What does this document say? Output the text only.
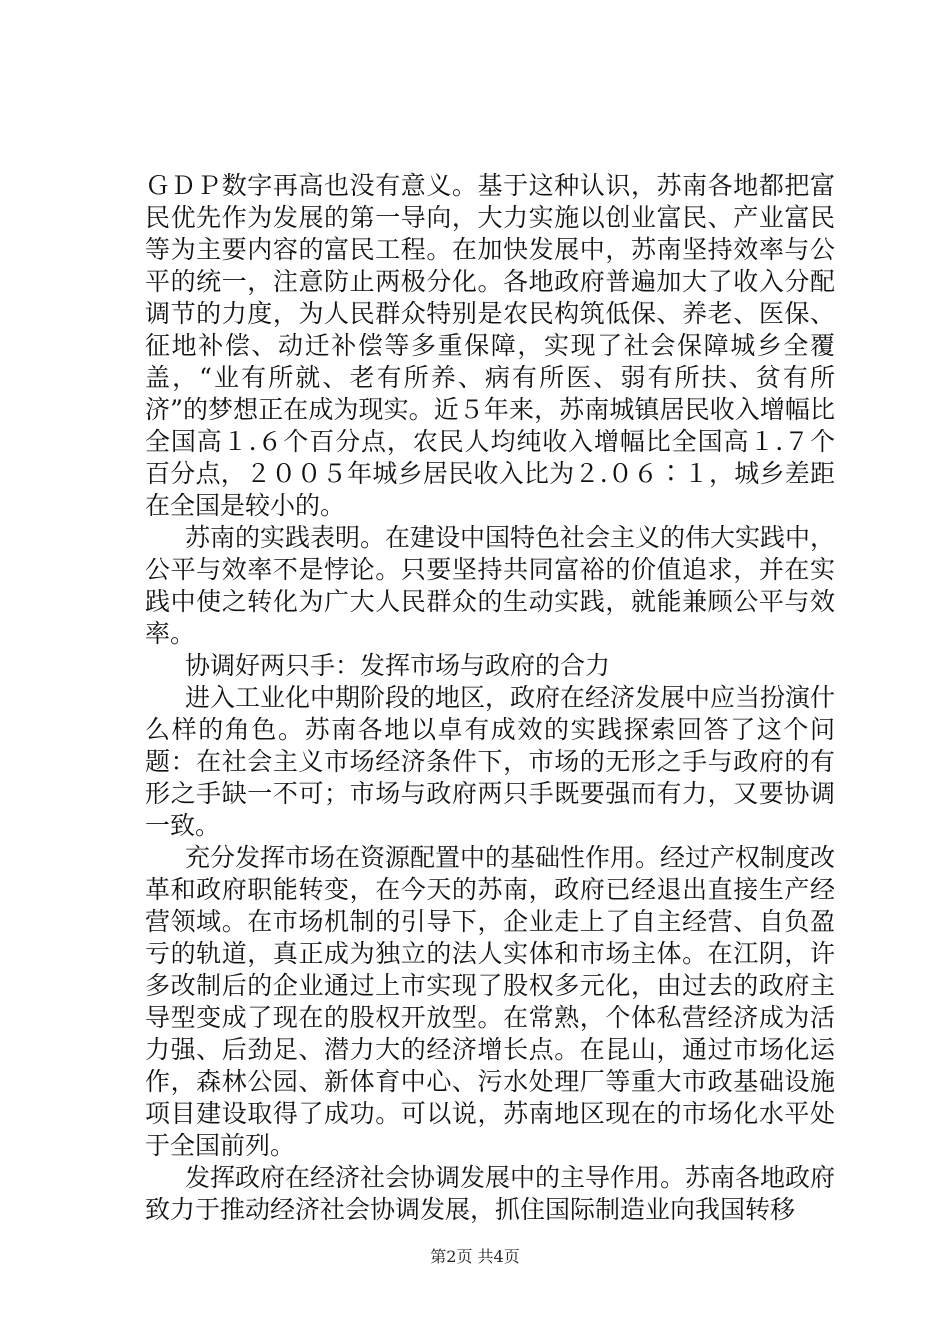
ＧＤＰ数字再高也没有意义。基于这种认识，苏南各地都把富民优先作为发展的第一导向，大力实施以创业富民、产业富民等为主要内容的富民工程。在加快发展中，苏南坚持效率与公平的统一，注意防止两极分化。各地政府普遍加大了收入分配调节的力度，为人民群众特别是农民构筑低保、养老、医保、征地补偿、动迁补偿等多重保障，实现了社会保障城乡全覆盖，“业有所就、老有所养、病有所医、弱有所扶、贫有所济”的梦想正在成为现实。近５年来，苏南城镇居民收入增幅比全国高１.６个百分点，农民人均纯收入增幅比全国高１.７个百分点，２００５年城乡居民收入比为２.０６∶１，城乡差距在全国是较小的。

苏南的实践表明。在建设中国特色社会主义的伟大实践中，公平与效率不是悖论。只要坚持共同富裕的价值追求，并在实践中使之转化为广大人民群众的生动实践，就能兼顾公平与效率。

协调好两只手：发挥市场与政府的合力

进入工业化中期阶段的地区，政府在经济发展中应当扮演什么样的角色。苏南各地以卓有成效的实践探索回答了这个问题：在社会主义市场经济条件下，市场的无形之手与政府的有形之手缺一不可；市场与政府两只手既要强而有力，又要协调一致。

充分发挥市场在资源配置中的基础性作用。经过产权制度改革和政府职能转变，在今天的苏南，政府已经退出直接生产经营领域。在市场机制的引导下，企业走上了自主经营、自负盈亏的轨道，真正成为独立的法人实体和市场主体。在江阴，许多改制后的企业通过上市实现了股权多元化，由过去的政府主导型变成了现在的股权开放型。在常熟，个体私营经济成为活力强、后劲足、潜力大的经济增长点。在昆山，通过市场化运作，森林公园、新体育中心、污水处理厂等重大市政基础设施项目建设取得了成功。可以说，苏南地区现在的市场化水平处于全国前列。

发挥政府在经济社会协调发展中的主导作用。苏南各地政府致力于推动经济社会协调发展，抓住国际制造业向我国转移

第2页 共4页
